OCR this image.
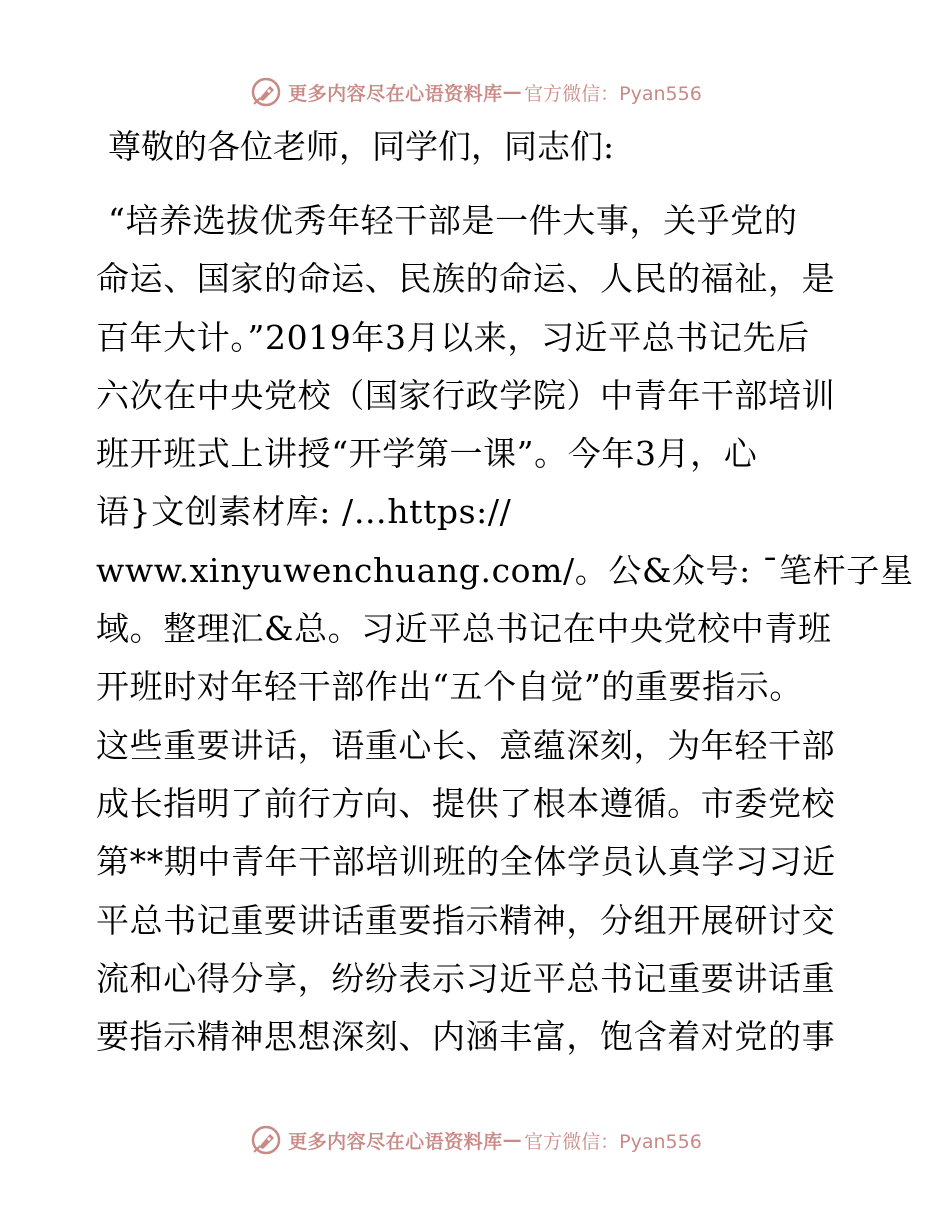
更多内容尽在心语资料库 — 官方微信：Pyan556
尊敬的各位老师，同学们，同志们:
“培养选拔优秀年轻干部是一件大事，关乎党的
命运、国家的命运、民族的命运、人民的福祉，是
百年大计。”2019年3月以来，习近平总书记先后
六次在中央党校（国家行政学院）中青年干部培训
班开班式上讲授“开学第一课”。今年3月，心
语}文创素材库: /…https://
www.xinyuwenchuang.com/。公&众号: ¯笔杆子星
域。整理汇&总。习近平总书记在中央党校中青班
开班时对年轻干部作出“五个自觉”的重要指示。
这些重要讲话，语重心长、意蕴深刻，为年轻干部
成长指明了前行方向、提供了根本遵循。市委党校
第**期中青年干部培训班的全体学员认真学习习近
平总书记重要讲话重要指示精神，分组开展研讨交
流和心得分享，纷纷表示习近平总书记重要讲话重
要指示精神思想深刻、内涵丰富，饱含着对党的事
更多内容尽在心语资料库 — 官方微信：Pyan556
